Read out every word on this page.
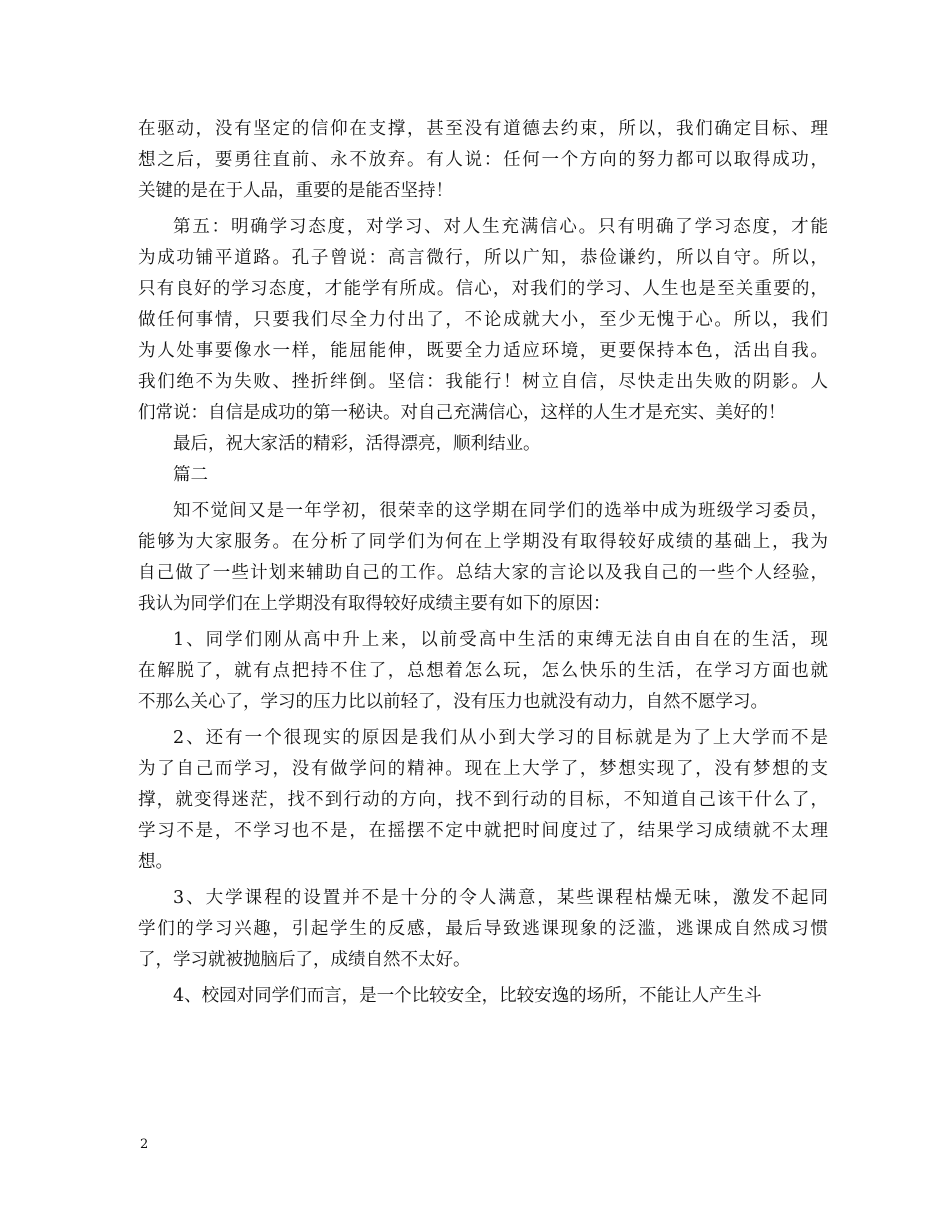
在驱动，没有坚定的信仰在支撑，甚至没有道德去约束，所以，我们确定目标、理
想之后，要勇往直前、永不放弃。有人说：任何一个方向的努力都可以取得成功，
关键的是在于人品，重要的是能否坚持！
第五：明确学习态度，对学习、对人生充满信心。只有明确了学习态度，才能
为成功铺平道路。孔子曾说：高言微行，所以广知，恭俭谦约，所以自守。所以，
只有良好的学习态度，才能学有所成。信心，对我们的学习、人生也是至关重要的，
做任何事情，只要我们尽全力付出了，不论成就大小，至少无愧于心。所以，我们
为人处事要像水一样，能屈能伸，既要全力适应环境，更要保持本色，活出自我。
我们绝不为失败、挫折绊倒。坚信：我能行！树立自信，尽快走出失败的阴影。人
们常说：自信是成功的第一秘诀。对自己充满信心，这样的人生才是充实、美好的！
最后，祝大家活的精彩，活得漂亮，顺利结业。
篇二
知不觉间又是一年学初，很荣幸的这学期在同学们的选举中成为班级学习委员，
能够为大家服务。在分析了同学们为何在上学期没有取得较好成绩的基础上，我为
自己做了一些计划来辅助自己的工作。总结大家的言论以及我自己的一些个人经验，
我认为同学们在上学期没有取得较好成绩主要有如下的原因：
1、同学们刚从高中升上来，以前受高中生活的束缚无法自由自在的生活，现
在解脱了，就有点把持不住了，总想着怎么玩，怎么快乐的生活，在学习方面也就
不那么关心了，学习的压力比以前轻了，没有压力也就没有动力，自然不愿学习。
2、还有一个很现实的原因是我们从小到大学习的目标就是为了上大学而不是
为了自己而学习，没有做学问的精神。现在上大学了，梦想实现了，没有梦想的支
撑，就变得迷茫，找不到行动的方向，找不到行动的目标，不知道自己该干什么了，
学习不是，不学习也不是，在摇摆不定中就把时间度过了，结果学习成绩就不太理
想。
3、大学课程的设置并不是十分的令人满意，某些课程枯燥无味，激发不起同
学们的学习兴趣，引起学生的反感，最后导致逃课现象的泛滥，逃课成自然成习惯
了，学习就被抛脑后了，成绩自然不太好。
4、校园对同学们而言，是一个比较安全，比较安逸的场所，不能让人产生斗
2
